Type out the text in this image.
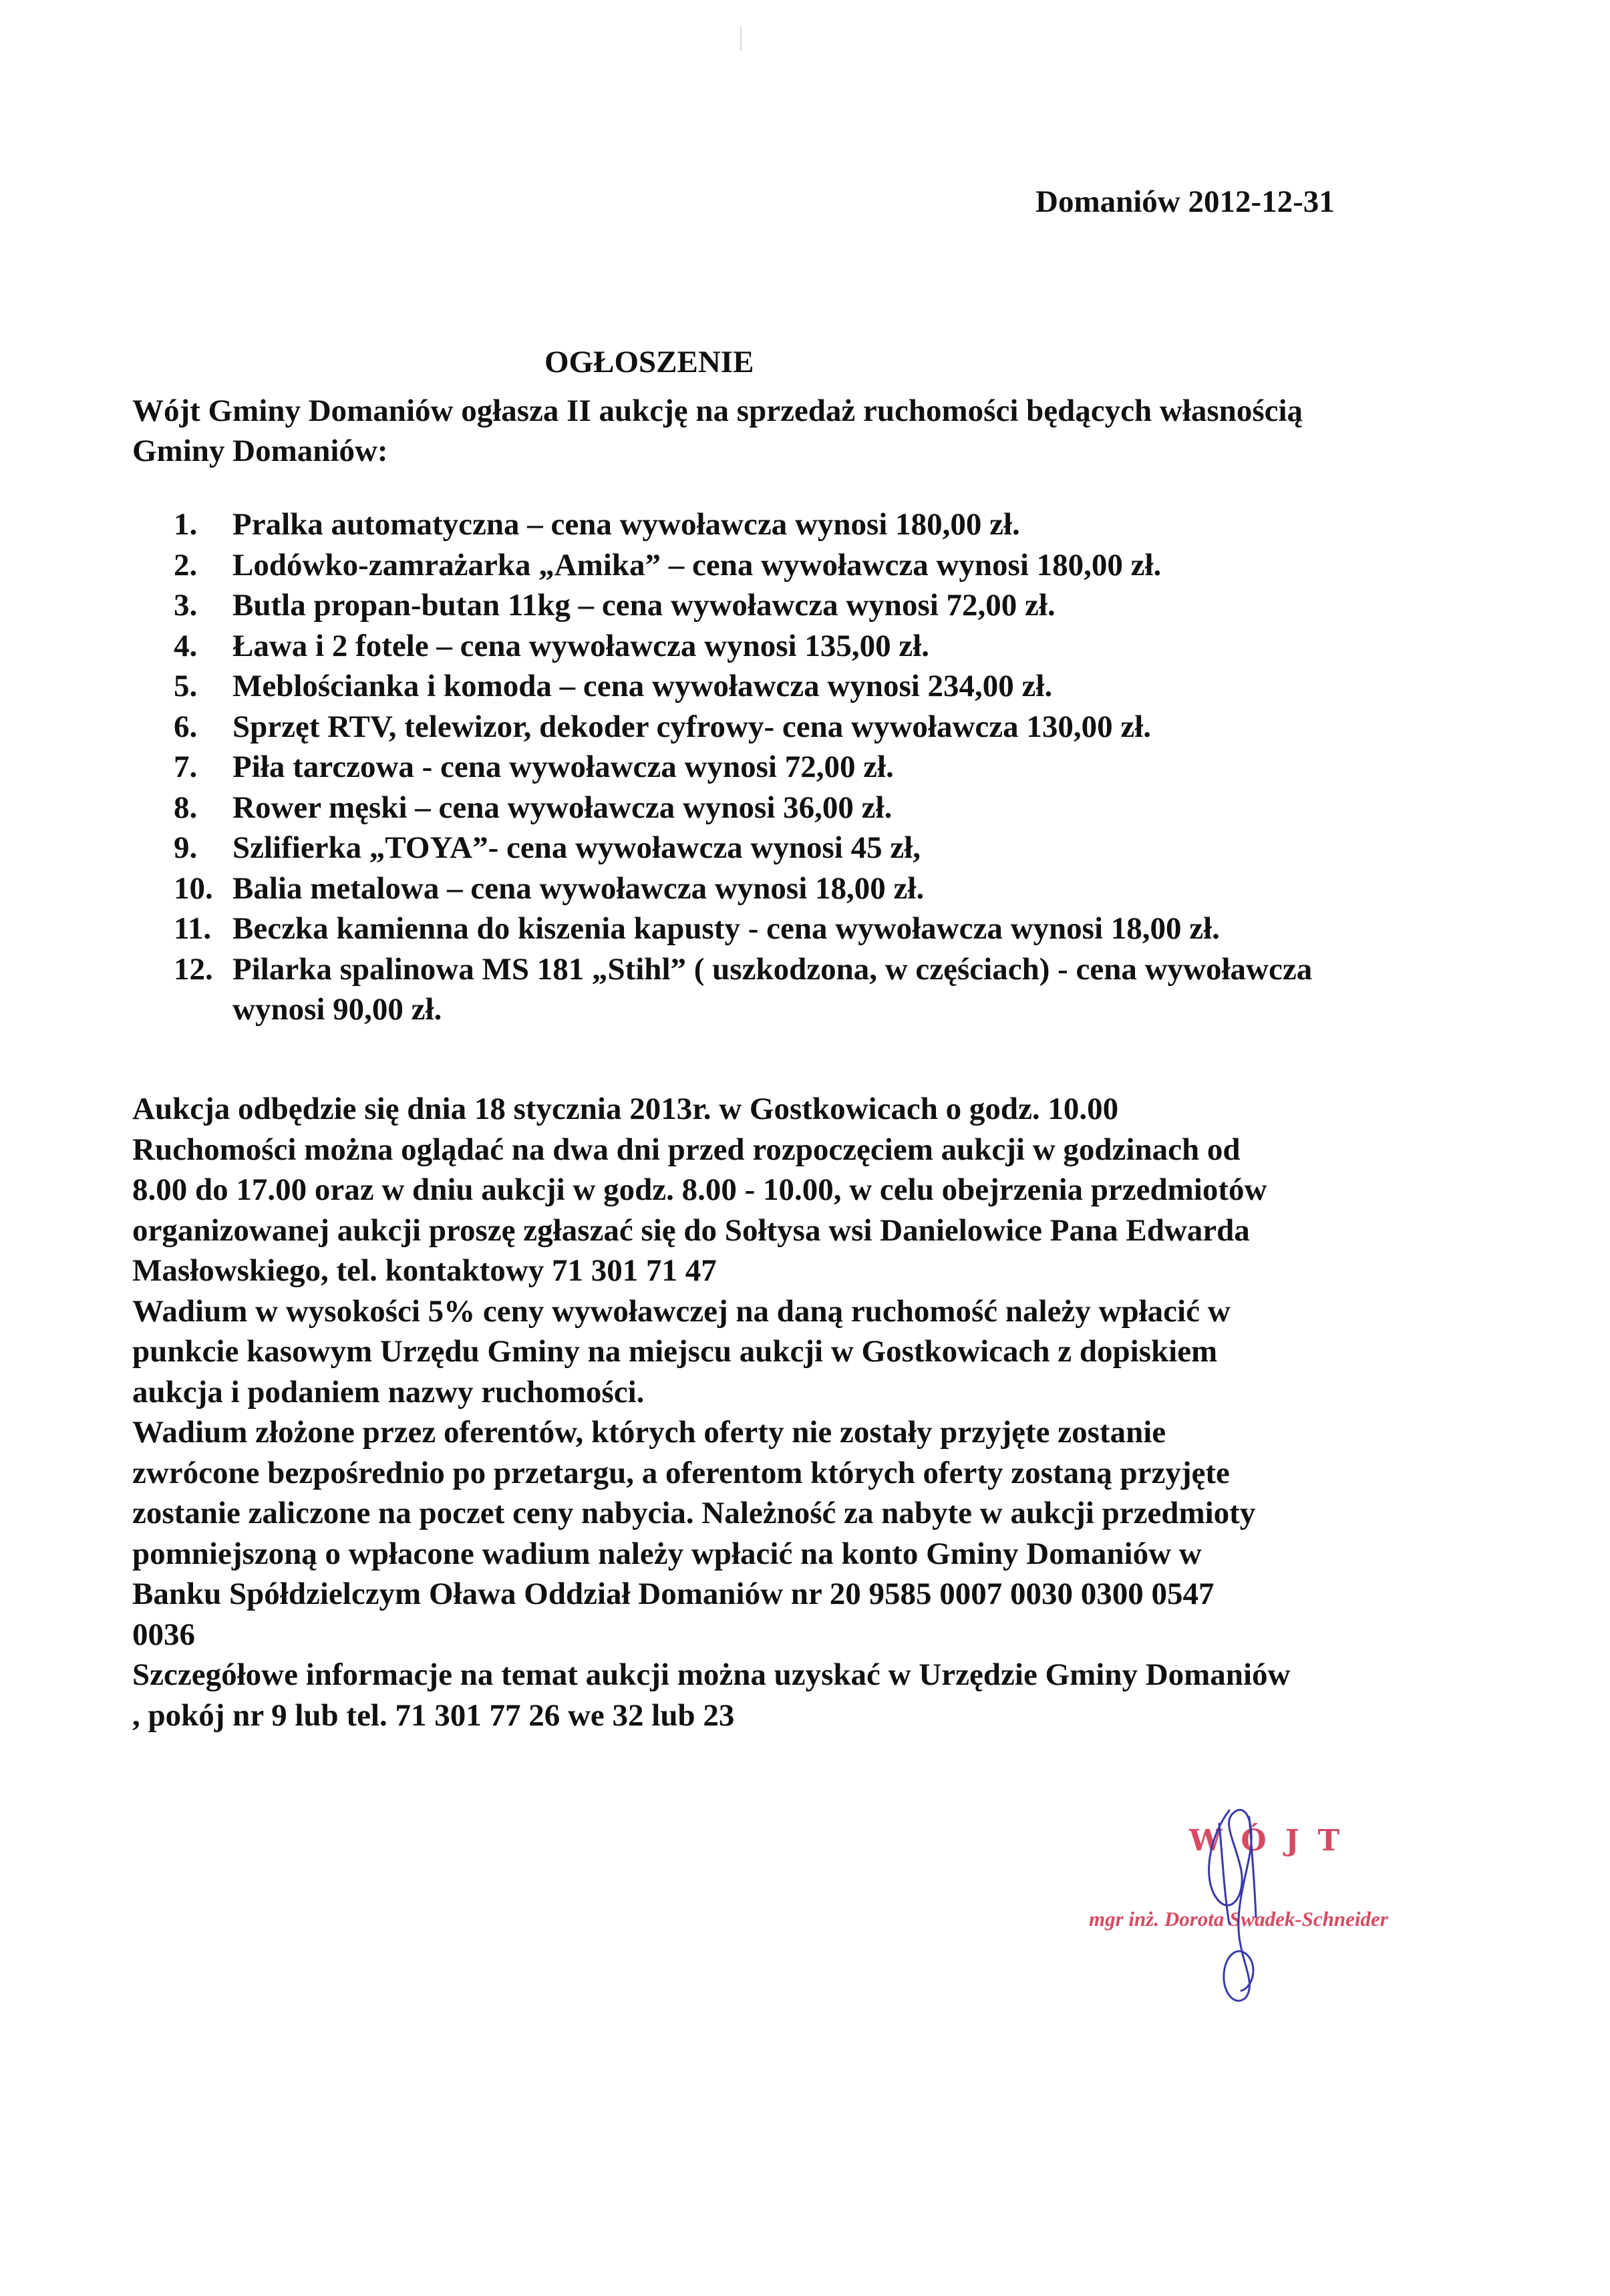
Domaniów 2012-12-31
OGŁOSZENIE
Wójt Gminy Domaniów ogłasza II aukcję na sprzedaż ruchomości będących własnością Gminy Domaniów:
1.	Pralka automatyczna – cena wywoławcza wynosi 180,00 zł.
2.	Lodówko-zamrażarka „Amika” – cena wywoławcza wynosi 180,00 zł.
3.	Butla propan-butan 11kg – cena wywoławcza wynosi 72,00 zł.
4.	Ława i 2 fotele – cena wywoławcza wynosi 135,00 zł.
5.	Meblościanka i komoda – cena wywoławcza wynosi 234,00 zł.
6.	Sprzęt RTV, telewizor, dekoder cyfrowy- cena wywoławcza 130,00 zł.
7.	Piła tarczowa - cena wywoławcza wynosi 72,00 zł.
8.	Rower męski – cena wywoławcza wynosi 36,00 zł.
9.	Szlifierka „TOYA”- cena wywoławcza wynosi 45 zł,
10. Balia metalowa – cena wywoławcza wynosi 18,00 zł.
11. Beczka kamienna do kiszenia kapusty - cena wywoławcza wynosi 18,00 zł.
12. Pilarka spalinowa MS 181 „Stihl” ( uszkodzona, w częściach) - cena wywoławcza wynosi 90,00 zł.

Aukcja odbędzie się dnia 18 stycznia 2013r. w Gostkowicach o godz. 10.00

Ruchomości można oglądać na dwa dni przed rozpoczęciem aukcji w godzinach od

8.00 do 17.00 oraz w dniu aukcji w godz. 8.00 - 10.00, w celu obejrzenia przedmiotów

organizowanej aukcji proszę zgłaszać się do Sołtysa wsi Danielowice Pana Edwarda

Masłowskiego, tel. kontaktowy 71 301 71 47

Wadium w wysokości 5% ceny wywoławczej na daną ruchomość należy wpłacić w

punkcie kasowym Urzędu Gminy na miejscu aukcji w Gostkowicach z dopiskiem

aukcja i podaniem nazwy ruchomości.

Wadium złożone przez oferentów, których oferty nie zostały przyjęte zostanie

zwrócone bezpośrednio po przetargu, a oferentom których oferty zostaną przyjęte

zostanie zaliczone na poczet ceny nabycia. Należność za nabyte w aukcji przedmioty

pomniejszoną o wpłacone wadium należy wpłacić na konto Gminy Domaniów w

Banku Spółdzielczym Oława Oddział Domaniów nr 20 9585 0007 0030 0300 0547

0036

Szczegółowe informacje na temat aukcji można uzyskać w Urzędzie Gminy Domaniów

, pokój nr 9 lub tel. 71 301 77 26 we 32 lub 23

WÓJT
mgr inż. Dorota Swadek-Schneider
